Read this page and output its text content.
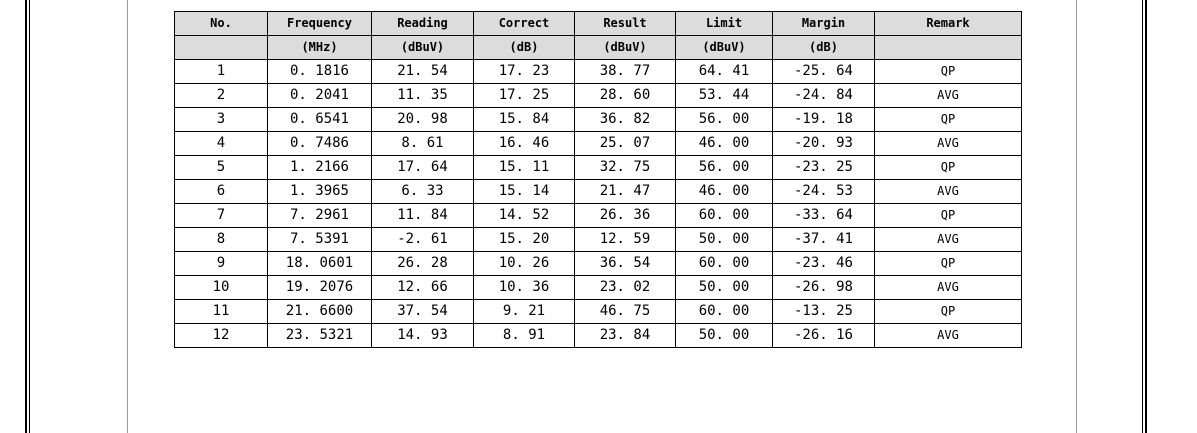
No.	Frequency	Reading	Correct	Result	Limit	Margin	Remark
	(MHz)	(dBuV)	(dB)	(dBuV)	(dBuV)	(dB)	
1	0. 1816	21. 54	17. 23	38. 77	64. 41	-25. 64	QP
2	0. 2041	11. 35	17. 25	28. 60	53. 44	-24. 84	AVG
3	0. 6541	20. 98	15. 84	36. 82	56. 00	-19. 18	QP
4	0. 7486	8. 61	16. 46	25. 07	46. 00	-20. 93	AVG
5	1. 2166	17. 64	15. 11	32. 75	56. 00	-23. 25	QP
6	1. 3965	6. 33	15. 14	21. 47	46. 00	-24. 53	AVG
7	7. 2961	11. 84	14. 52	26. 36	60. 00	-33. 64	QP
8	7. 5391	-2. 61	15. 20	12. 59	50. 00	-37. 41	AVG
9	18. 0601	26. 28	10. 26	36. 54	60. 00	-23. 46	QP
10	19. 2076	12. 66	10. 36	23. 02	50. 00	-26. 98	AVG
11	21. 6600	37. 54	9. 21	46. 75	60. 00	-13. 25	QP
12	23. 5321	14. 93	8. 91	23. 84	50. 00	-26. 16	AVG
